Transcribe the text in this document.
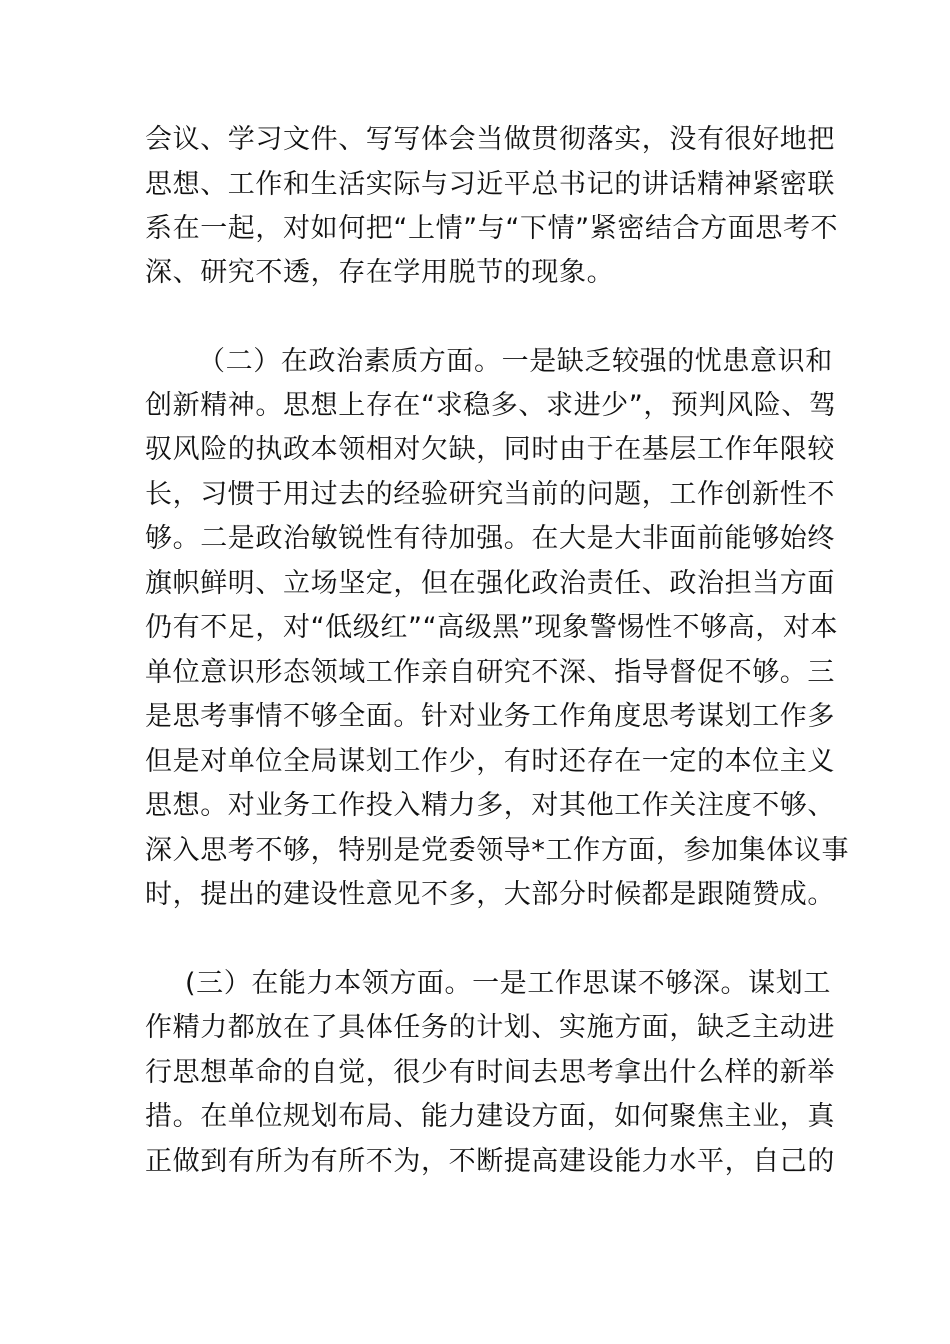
会议、学习文件、写写体会当做贯彻落实，没有很好地把
思想、工作和生活实际与习近平总书记的讲话精神紧密联
系在一起，对如何把“上情”与“下情”紧密结合方面思考不
深、研究不透，存在学用脱节的现象。
（二）在政治素质方面。一是缺乏较强的忧患意识和
创新精神。思想上存在“求稳多、求进少”，预判风险、驾
驭风险的执政本领相对欠缺，同时由于在基层工作年限较
长，习惯于用过去的经验研究当前的问题，工作创新性不
够。二是政治敏锐性有待加强。在大是大非面前能够始终
旗帜鲜明、立场坚定，但在强化政治责任、政治担当方面
仍有不足，对“低级红”“高级黑”现象警惕性不够高，对本
单位意识形态领域工作亲自研究不深、指导督促不够。三
是思考事情不够全面。针对业务工作角度思考谋划工作多
但是对单位全局谋划工作少，有时还存在一定的本位主义
思想。对业务工作投入精力多，对其他工作关注度不够、
深入思考不够，特别是党委领导*工作方面，参加集体议事
时，提出的建设性意见不多，大部分时候都是跟随赞成。
(三）在能力本领方面。一是工作思谋不够深。谋划工
作精力都放在了具体任务的计划、实施方面，缺乏主动进
行思想革命的自觉，很少有时间去思考拿出什么样的新举
措。在单位规划布局、能力建设方面，如何聚焦主业，真
正做到有所为有所不为，不断提高建设能力水平，自己的
